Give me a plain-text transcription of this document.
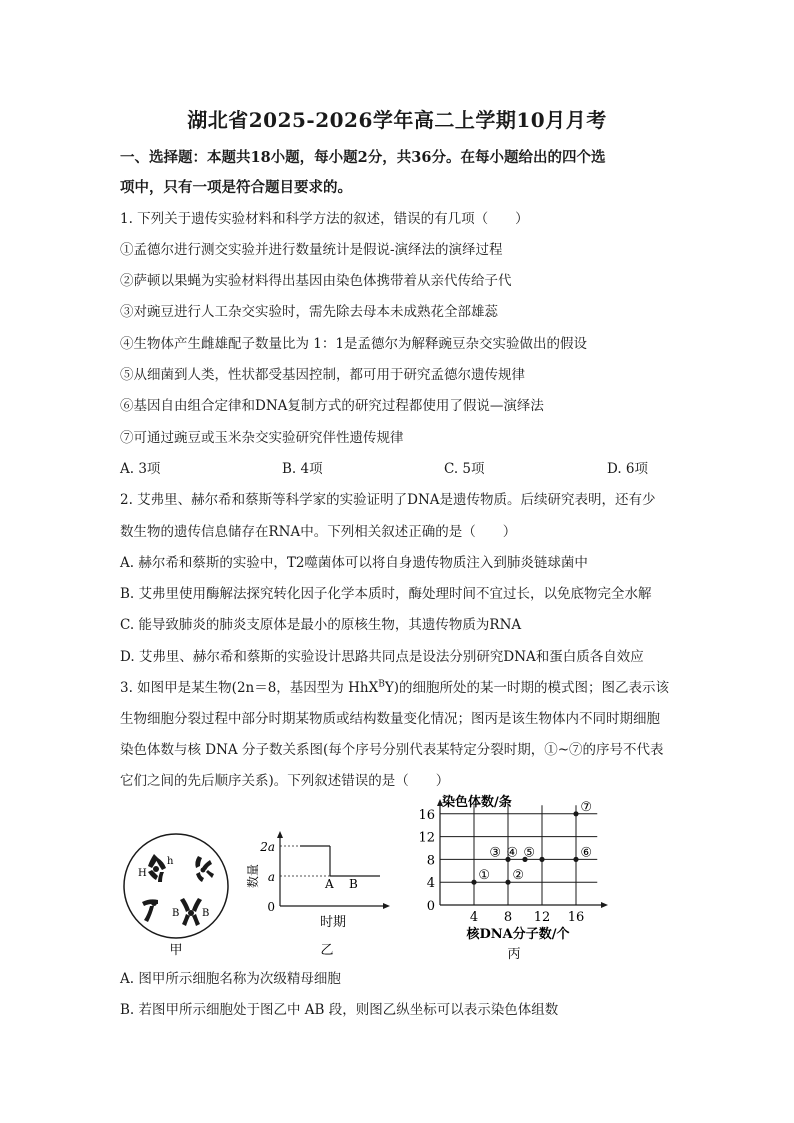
湖北省2025-2026学年高二上学期10月月考
一、选择题：本题共18小题，每小题2分，共36分。在每小题给出的四个选
项中，只有一项是符合题目要求的。
1. 下列关于遗传实验材料和科学方法的叙述，错误的有几项（　　）
①孟德尔进行测交实验并进行数量统计是假说-演绎法的演绎过程
②萨顿以果蝇为实验材料得出基因由染色体携带着从亲代传给子代
③对豌豆进行人工杂交实验时，需先除去母本未成熟花全部雄蕊
④生物体产生雌雄配子数量比为 1：1是孟德尔为解释豌豆杂交实验做出的假设
⑤从细菌到人类，性状都受基因控制，都可用于研究孟德尔遗传规律
⑥基因自由组合定律和DNA复制方式的研究过程都使用了假说—演绎法
⑦可通过豌豆或玉米杂交实验研究伴性遗传规律
A. 3项	B. 4项	C. 5项	D. 6项
2. 艾弗里、赫尔希和蔡斯等科学家的实验证明了DNA是遗传物质。后续研究表明，还有少
数生物的遗传信息储存在RNA中。下列相关叙述正确的是（　　）
A. 赫尔希和蔡斯的实验中，T2噬菌体可以将自身遗传物质注入到肺炎链球菌中
B. 艾弗里使用酶解法探究转化因子化学本质时，酶处理时间不宜过长，以免底物完全水解
C. 能导致肺炎的肺炎支原体是最小的原核生物，其遗传物质为RNA
D. 艾弗里、赫尔希和蔡斯的实验设计思路共同点是设法分别研究DNA和蛋白质各自效应
3. 如图甲是某生物(2n＝8，基因型为 HhX$^B$Y)的细胞所处的某一时期的模式图；图乙表示该
生物细胞分裂过程中部分时期某物质或结构数量变化情况；图丙是该生物体内不同时期细胞
染色体数与核 DNA 分子数关系图(每个序号分别代表某特定分裂时期，①~⑦的序号不代表
它们之间的先后顺序关系)。下列叙述错误的是（　　）
h
H
B B
甲
2a
a
0
数量	A B
时期
乙
染色体数/条
核DNA分子数/个
丙
0
4
8
12
16
4 8 12 16
① ②
③ ④ ⑤	⑥
⑦
A. 图甲所示细胞名称为次级精母细胞
B. 若图甲所示细胞处于图乙中 AB 段，则图乙纵坐标可以表示染色体组数
